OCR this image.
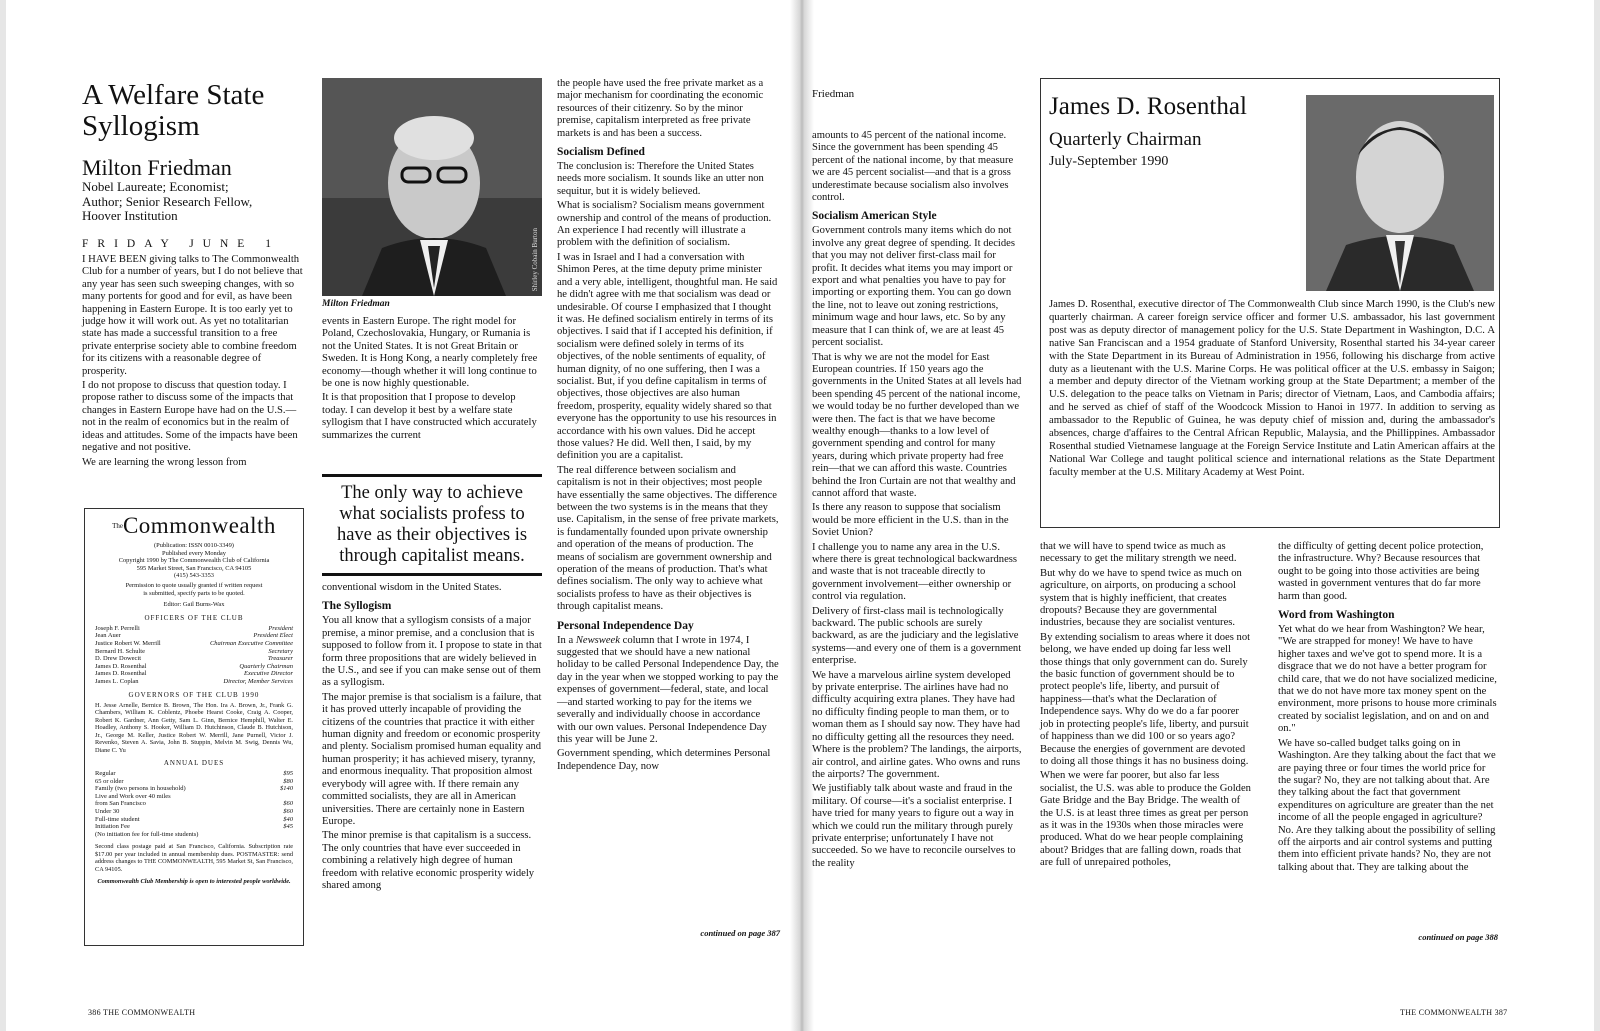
A Welfare State
Syllogism
Milton Friedman
Nobel Laureate; Economist;
Author; Senior Research Fellow,
Hoover Institution
FRIDAY JUNE 1

I HAVE BEEN giving talks to The Commonwealth Club for a number of years, but I do not believe that any year has seen such sweeping changes, with so many portents for good and for evil, as have been happening in Eastern Europe. It is too early yet to judge how it will work out. As yet no totalitarian state has made a successful transition to a free private enterprise society able to combine freedom for its citizens with a reasonable degree of prosperity.

I do not propose to discuss that question today. I propose rather to discuss some of the impacts that changes in Eastern Europe have had on the U.S.—not in the realm of economics but in the realm of ideas and attitudes. Some of the impacts have been negative and not positive.

We are learning the wrong lesson from

$^{The}$Commonwealth
(Publication: ISSN 0010-3349)
Published every Monday
Copyright 1990 by The Commonwealth Club of California
595 Market Street, San Francisco, CA 94105
(415) 543-3353
Permission to quote usually granted if written request
is submitted, specify parts to be quoted.
Editor: Gail Burns-Wax
OFFICERS OF THE CLUB
Joseph F. Perrelli	President
Jean Auer	President Elect
Justice Robert W. Merrill	Chairman Executive Committee
Bernard H. Schulte	Secretary
D. Drew Dowecit	Treasurer
James D. Rosenthal	Quarterly Chairman
James D. Rosenthal	Executive Director
James L. Coplan	Director, Member Services
GOVERNORS OF THE CLUB 1990
H. Jesse Arnelle, Bernice B. Brown, The Hon. Ira A. Brown, Jr., Frank G. Chambers, William K. Coblentz, Phoebe Hearst Cooke, Craig A. Cooper, Robert K. Gardner, Ann Getty, Sam L. Ginn, Bernice Hemphill, Walter E. Hoadley, Anthony S. Hooker, William D. Hutchinson, Claude B. Hutchison, Jr., George M. Keller, Justice Robert W. Merrill, Jane Purnell, Victor J. Revenko, Steven A. Savia, John B. Stuppin, Melvin M. Swig, Dennis Wu, Diane C. Yu
ANNUAL DUES
Regular	$95
65 or older	$80
Family (two persons in household)	$140
Live and Work over 40 miles
from San Francisco	$60
Under 30	$60
Full-time student	$40
Initiation Fee	$45
(No initiation fee for full-time students)
Second class postage paid at San Francisco, California. Subscription rate $17.00 per year included in annual membership dues. POSTMASTER: send address changes to THE COMMONWEALTH, 595 Market St, San Francisco, CA 94105.
Commonwealth Club Membership is open to interested people worldwide.
Shirley Cobain Burton
Milton Friedman

events in Eastern Europe. The right model for Poland, Czechoslovakia, Hungary, or Rumania is not the United States. It is not Great Britain or Sweden. It is Hong Kong, a nearly completely free economy—though whether it will long continue to be one is now highly questionable.

It is that proposition that I propose to develop today. I can develop it best by a welfare state syllogism that I have constructed which accurately summarizes the current

The only way to achieve what socialists profess to have as their objectives is through capitalist means.

conventional wisdom in the United States.

The Syllogism

You all know that a syllogism consists of a major premise, a minor premise, and a conclusion that is supposed to follow from it. I propose to state in that form three propositions that are widely believed in the U.S., and see if you can make sense out of them as a syllogism.

The major premise is that socialism is a failure, that it has proved utterly incapable of providing the citizens of the countries that practice it with either human dignity and freedom or economic prosperity and plenty. Socialism promised human equality and human prosperity; it has achieved misery, tyranny, and enormous inequality. That proposition almost everybody will agree with. If there remain any committed socialists, they are all in American universities. There are certainly none in Eastern Europe.

The minor premise is that capitalism is a success. The only countries that have ever succeeded in combining a relatively high degree of human freedom with relative economic prosperity widely shared among

the people have used the free private market as a major mechanism for coordinating the economic resources of their citizenry. So by the minor premise, capitalism interpreted as free private markets is and has been a success.

Socialism Defined

The conclusion is: Therefore the United States needs more socialism. It sounds like an utter non sequitur, but it is widely believed.

What is socialism? Socialism means government ownership and control of the means of production. An experience I had recently will illustrate a problem with the definition of socialism.

I was in Israel and I had a conversation with Shimon Peres, at the time deputy prime minister and a very able, intelligent, thoughtful man. He said he didn't agree with me that socialism was dead or undesirable. Of course I emphasized that I thought it was. He defined socialism entirely in terms of its objectives. I said that if I accepted his definition, if socialism were defined solely in terms of its objectives, of the noble sentiments of equality, of human dignity, of no one suffering, then I was a socialist. But, if you define capitalism in terms of objectives, those objectives are also human freedom, prosperity, equality widely shared so that everyone has the opportunity to use his resources in accordance with his own values. Did he accept those values? He did. Well then, I said, by my definition you are a capitalist.

The real difference between socialism and capitalism is not in their objectives; most people have essentially the same objectives. The difference between the two systems is in the means that they use. Capitalism, in the sense of free private markets, is fundamentally founded upon private ownership and operation of the means of production. The means of socialism are government ownership and operation of the means of production. That's what defines socialism. The only way to achieve what socialists profess to have as their objectives is through capitalist means.

Personal Independence Day

In a Newsweek column that I wrote in 1974, I suggested that we should have a new national holiday to be called Personal Independence Day, the day in the year when we stopped working to pay the expenses of government—federal, state, and local—and started working to pay for the items we severally and individually choose in accordance with our own values. Personal Independence Day this year will be June 2.

Government spending, which determines Personal Independence Day, now

continued on page 387
386 THE COMMONWEALTH
Friedman

amounts to 45 percent of the national income. Since the government has been spending 45 percent of the national income, by that measure we are 45 percent socialist—and that is a gross underestimate because socialism also involves control.

Socialism American Style

Government controls many items which do not involve any great degree of spending. It decides that you may not deliver first-class mail for profit. It decides what items you may import or export and what penalties you have to pay for importing or exporting them. You can go down the line, not to leave out zoning restrictions, minimum wage and hour laws, etc. So by any measure that I can think of, we are at least 45 percent socialist.

That is why we are not the model for East European countries. If 150 years ago the governments in the United States at all levels had been spending 45 percent of the national income, we would today be no further developed than we were then. The fact is that we have become wealthy enough—thanks to a low level of government spending and control for many years, during which private property had free rein—that we can afford this waste. Countries behind the Iron Curtain are not that wealthy and cannot afford that waste.

Is there any reason to suppose that socialism would be more efficient in the U.S. than in the Soviet Union?

I challenge you to name any area in the U.S. where there is great technological backwardness and waste that is not traceable directly to government involvement—either ownership or control via regulation.

Delivery of first-class mail is technologically backward. The public schools are surely backward, as are the judiciary and the legislative systems—and every one of them is a government enterprise.

We have a marvelous airline system developed by private enterprise. The airlines have had no difficulty acquiring extra planes. They have had no difficulty finding people to man them, or to woman them as I should say now. They have had no difficulty getting all the resources they need. Where is the problem? The landings, the airports, air control, and airline gates. Who owns and runs the airports? The government.

We justifiably talk about waste and fraud in the military. Of course—it's a socialist enterprise. I have tried for many years to figure out a way in which we could run the military through purely private enterprise; unfortunately I have not succeeded. So we have to reconcile ourselves to the reality

James D. Rosenthal
Quarterly Chairman
July-September 1990

James D. Rosenthal, executive director of The Commonwealth Club since March 1990, is the Club's new quarterly chairman. A career foreign service officer and former U.S. ambassador, his last government post was as deputy director of management policy for the U.S. State Department in Washington, D.C. A native San Franciscan and a 1954 graduate of Stanford University, Rosenthal started his 34-year career with the State Department in its Bureau of Administration in 1956, following his discharge from active duty as a lieutenant with the U.S. Marine Corps. He was political officer at the U.S. embassy in Saigon; a member and deputy director of the Vietnam working group at the State Department; a member of the U.S. delegation to the peace talks on Vietnam in Paris; director of Vietnam, Laos, and Cambodia affairs; and he served as chief of staff of the Woodcock Mission to Hanoi in 1977. In addition to serving as ambassador to the Republic of Guinea, he was deputy chief of mission and, during the ambassador's absences, charge d'affaires to the Central African Republic, Malaysia, and the Phillippines. Ambassador Rosenthal studied Vietnamese language at the Foreign Service Institute and Latin American affairs at the National War College and taught political science and international relations as the State Department faculty member at the U.S. Military Academy at West Point.

that we will have to spend twice as much as necessary to get the military strength we need.

But why do we have to spend twice as much on agriculture, on airports, on producing a school system that is highly inefficient, that creates dropouts? Because they are governmental industries, because they are socialist ventures.

By extending socialism to areas where it does not belong, we have ended up doing far less well those things that only government can do. Surely the basic function of government should be to protect people's life, liberty, and pursuit of happiness—that's what the Declaration of Independence says. Why do we do a far poorer job in protecting people's life, liberty, and pursuit of happiness than we did 100 or so years ago? Because the energies of government are devoted to doing all those things it has no business doing.

When we were far poorer, but also far less socialist, the U.S. was able to produce the Golden Gate Bridge and the Bay Bridge. The wealth of the U.S. is at least three times as great per person as it was in the 1930s when those miracles were produced. What do we hear people complaining about? Bridges that are falling down, roads that are full of unrepaired potholes,

the difficulty of getting decent police protection, the infrastructure. Why? Because resources that ought to be going into those activities are being wasted in government ventures that do far more harm than good.

Word from Washington

Yet what do we hear from Washington? We hear, "We are strapped for money! We have to have higher taxes and we've got to spend more. It is a disgrace that we do not have a better program for child care, that we do not have socialized medicine, that we do not have more tax money spent on the environment, more prisons to house more criminals created by socialist legislation, and on and on and on."

We have so-called budget talks going on in Washington. Are they talking about the fact that we are paying three or four times the world price for the sugar? No, they are not talking about that. Are they talking about the fact that government expenditures on agriculture are greater than the net income of all the people engaged in agriculture? No. Are they talking about the possibility of selling off the airports and air control systems and putting them into efficient private hands? No, they are not talking about that. They are talking about the

continued on page 388
THE COMMONWEALTH 387
